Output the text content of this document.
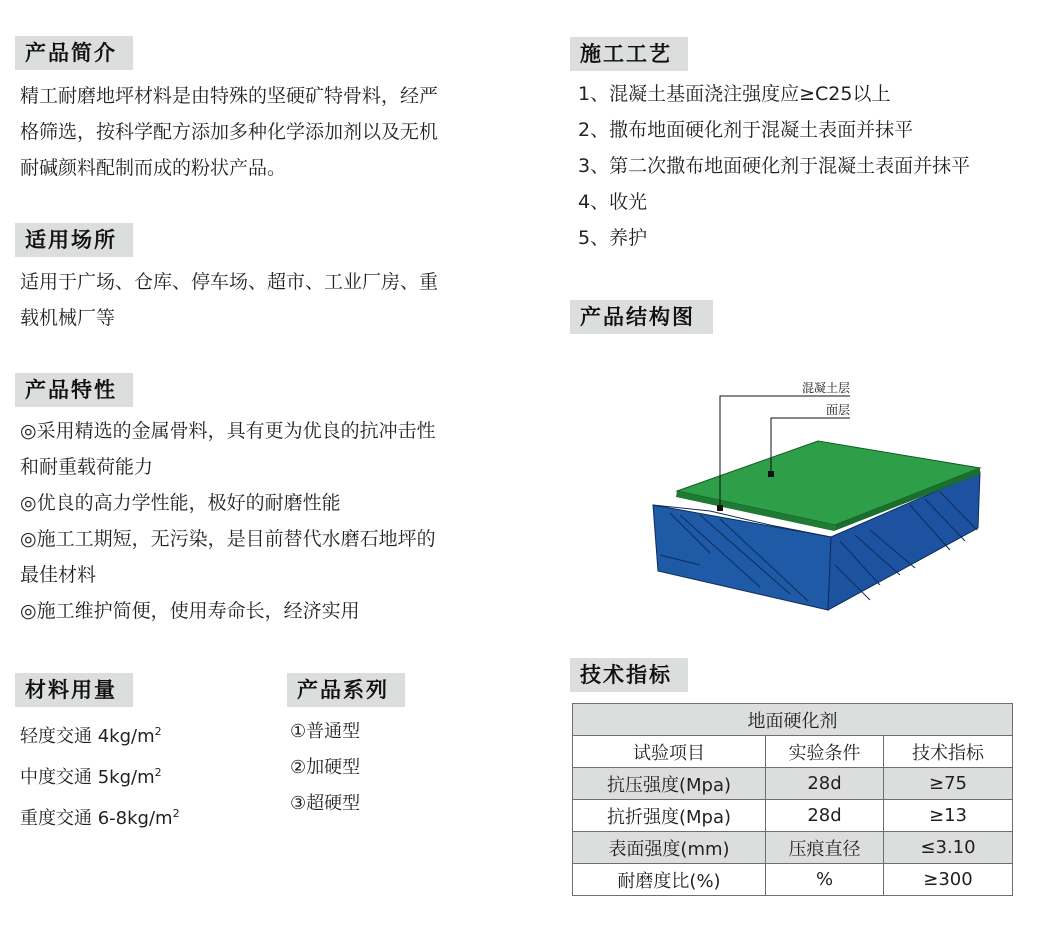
产品简介
精工耐磨地坪材料是由特殊的坚硬矿特骨料，经严
格筛选，按科学配方添加多种化学添加剂以及无机
耐碱颜料配制而成的粉状产品。
适用场所
适用于广场、仓库、停车场、超市、工业厂房、重
载机械厂等
产品特性
◎采用精选的金属骨料，具有更为优良的抗冲击性
和耐重载荷能力
◎优良的高力学性能，极好的耐磨性能
◎施工工期短，无污染，是目前替代水磨石地坪的
最佳材料
◎施工维护简便，使用寿命长，经济实用
材料用量
轻度交通 $4kg/m^2$
中度交通 $5kg/m^2$
重度交通 $6-8kg/m^2$
产品系列
①普通型
②加硬型
③超硬型
施工工艺
1、混凝土基面浇注强度应≥C25以上
2、撒布地面硬化剂于混凝土表面并抹平
3、第二次撒布地面硬化剂于混凝土表面并抹平
4、收光
5、养护
产品结构图
混凝土层
面层
技术指标
地面硬化剂		
试验项目	实验条件	技术指标
抗压强度(Mpa)	28d	≥75
抗折强度(Mpa)	28d	≥13
表面强度(mm)	压痕直径	≤3.10
耐磨度比(%)	%	≥300
